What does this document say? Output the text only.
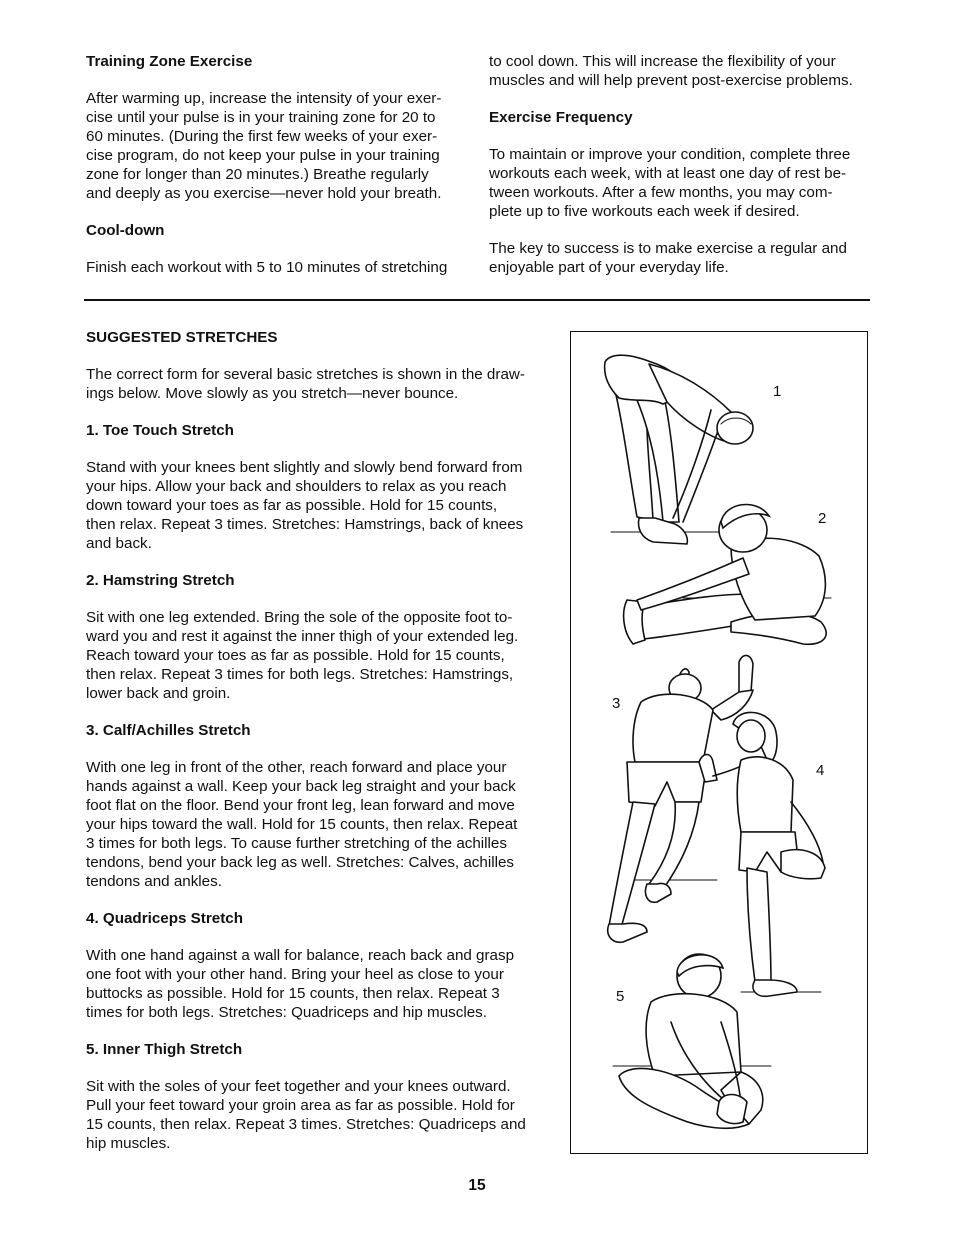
Training Zone Exercise

After warming up, increase the intensity of your exer-
cise until your pulse is in your training zone for 20 to
60 minutes. (During the first few weeks of your exer-
cise program, do not keep your pulse in your training
zone for longer than 20 minutes.) Breathe regularly
and deeply as you exercise—never hold your breath.

Cool-down

Finish each workout with 5 to 10 minutes of stretching

to cool down. This will increase the flexibility of your
muscles and will help prevent post-exercise problems.

Exercise Frequency

To maintain or improve your condition, complete three
workouts each week, with at least one day of rest be-
tween workouts. After a few months, you may com-
plete up to five workouts each week if desired.

The key to success is to make exercise a regular and
enjoyable part of your everyday life.

SUGGESTED STRETCHES

The correct form for several basic stretches is shown in the draw-
ings below. Move slowly as you stretch—never bounce.

1. Toe Touch Stretch

Stand with your knees bent slightly and slowly bend forward from
your hips. Allow your back and shoulders to relax as you reach
down toward your toes as far as possible. Hold for 15 counts,
then relax. Repeat 3 times. Stretches: Hamstrings, back of knees
and back.

2. Hamstring Stretch

Sit with one leg extended. Bring the sole of the opposite foot to-
ward you and rest it against the inner thigh of your extended leg.
Reach toward your toes as far as possible. Hold for 15 counts,
then relax. Repeat 3 times for both legs. Stretches: Hamstrings,
lower back and groin.

3. Calf/Achilles Stretch

With one leg in front of the other, reach forward and place your
hands against a wall. Keep your back leg straight and your back
foot flat on the floor. Bend your front leg, lean forward and move
your hips toward the wall. Hold for 15 counts, then relax. Repeat
3 times for both legs. To cause further stretching of the achilles
tendons, bend your back leg as well. Stretches: Calves, achilles
tendons and ankles.

4. Quadriceps Stretch

With one hand against a wall for balance, reach back and grasp
one foot with your other hand. Bring your heel as close to your
buttocks as possible. Hold for 15 counts, then relax. Repeat 3
times for both legs. Stretches: Quadriceps and hip muscles.

5. Inner Thigh Stretch

Sit with the soles of your feet together and your knees outward.
Pull your feet toward your groin area as far as possible. Hold for
15 counts, then relax. Repeat 3 times. Stretches: Quadriceps and
hip muscles.

1
2
3
4
5
15
